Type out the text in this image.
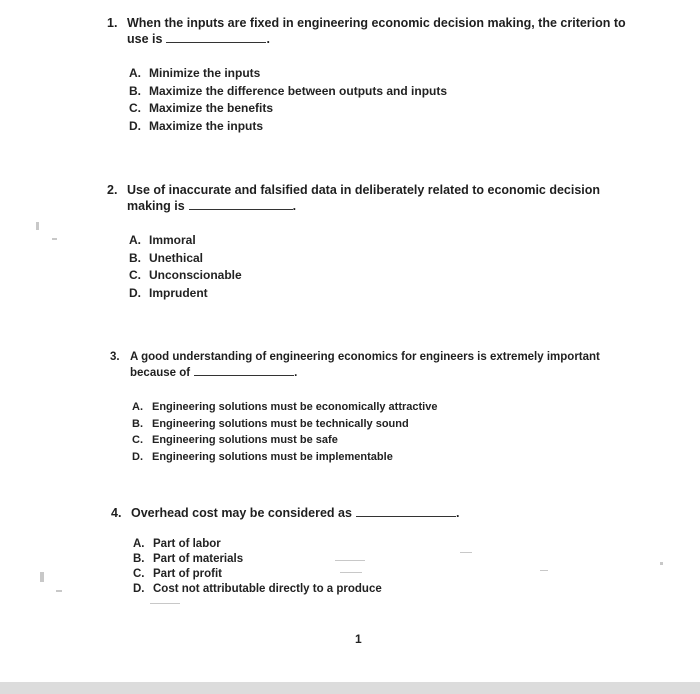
1. When the inputs are fixed in engineering economic decision making, the criterion to use is	.
A. Minimize the inputs
B. Maximize the difference between outputs and inputs
C. Maximize the benefits
D. Maximize the inputs
2. Use of inaccurate and falsified data in deliberately related to economic decision making is	.
A. Immoral
B. Unethical
C. Unconscionable
D. Imprudent
3. A good understanding of engineering economics for engineers is extremely important because of	.
A. Engineering solutions must be economically attractive
B. Engineering solutions must be technically sound
C. Engineering solutions must be safe
D. Engineering solutions must be implementable
4. Overhead cost may be considered as	.
A. Part of labor
B. Part of materials
C. Part of profit
D. Cost not attributable directly to a produce
1
